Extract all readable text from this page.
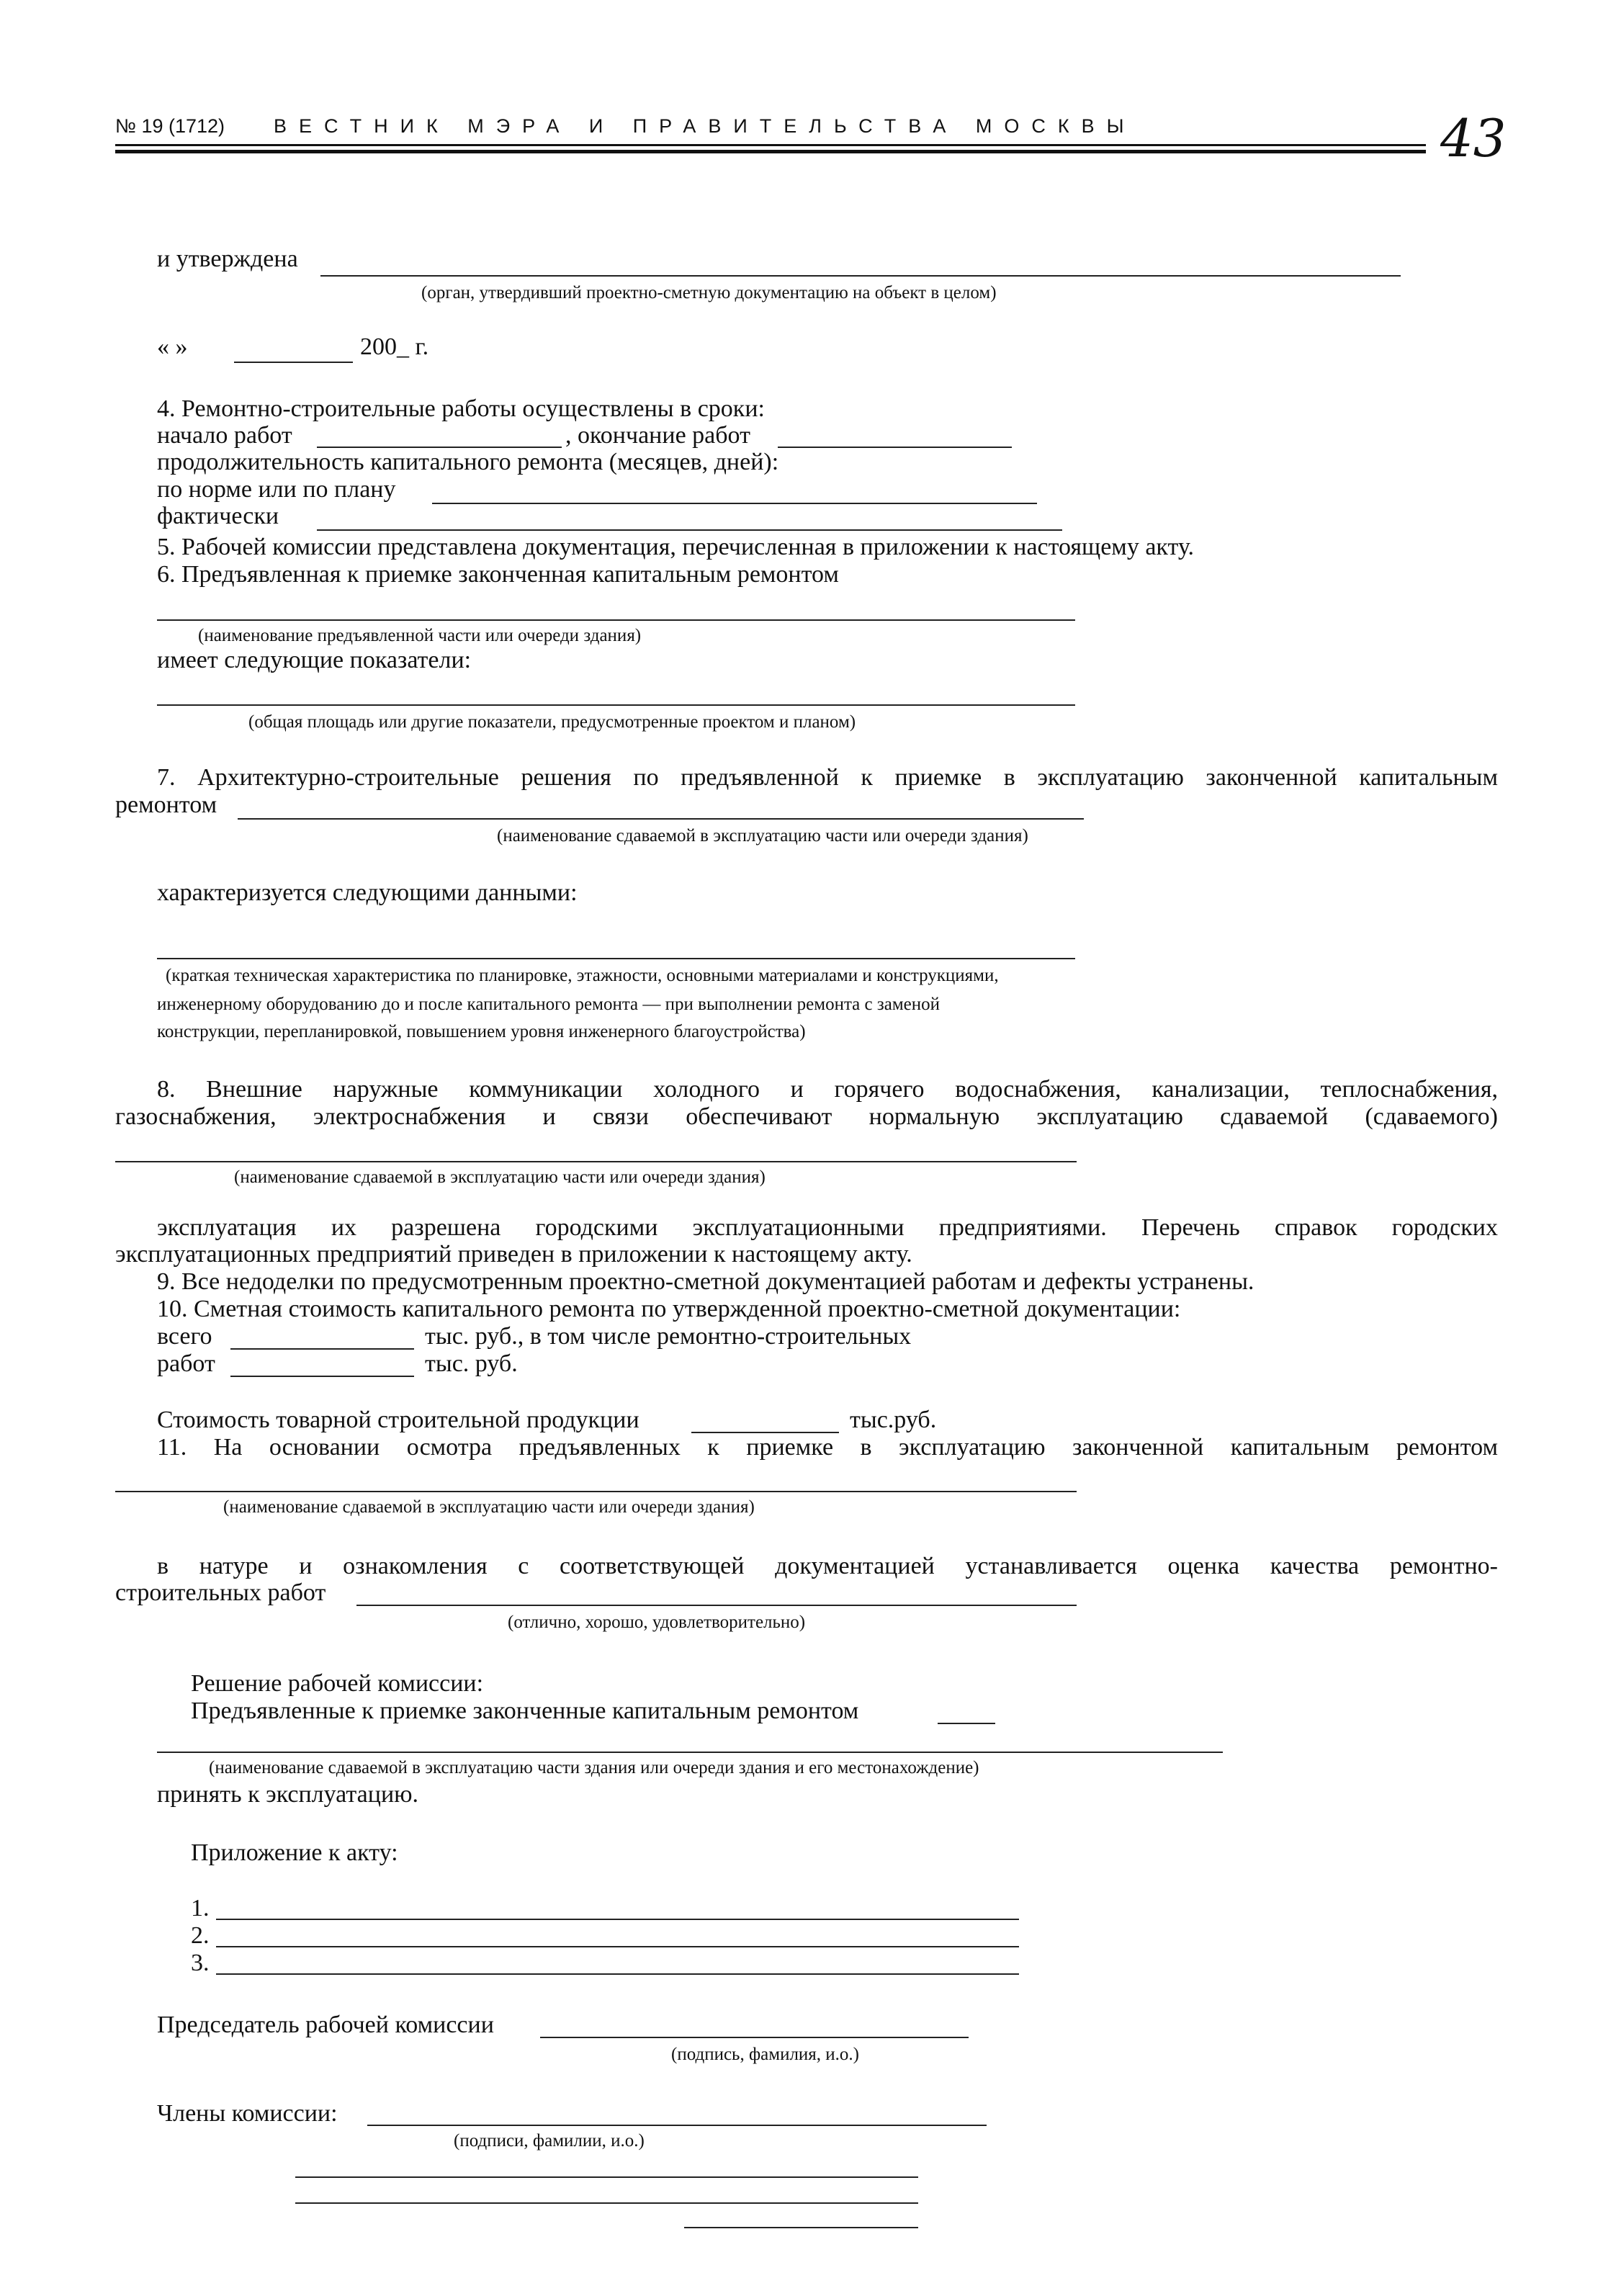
№ 19 (1712)	ВЕСТНИК МЭРА И ПРАВИТЕЛЬСТВА МОСКВЫ	43
и утверждена
(орган, утвердивший проектно-сметную документацию на объект в целом)
« »	200_ г.
4. Ремонтно-строительные работы осуществлены в сроки:
начало работ	, окончание работ
продолжительность капитального ремонта (месяцев, дней):
по норме или по плану
фактически
5. Рабочей комиссии представлена документация, перечисленная в приложении к настоящему акту.
6. Предъявленная к приемке законченная капитальным ремонтом
(наименование предъявленной части или очереди здания)
имеет следующие показатели:
(общая площадь или другие показатели, предусмотренные проектом и планом)
7. Архитектурно-строительные решения по предъявленной к приемке в эксплуатацию законченной капитальным
ремонтом
(наименование сдаваемой в эксплуатацию части или очереди здания)
характеризуется следующими данными:
(краткая техническая характеристика по планировке, этажности, основными материалами и конструкциями,
инженерному оборудованию до и после капитального ремонта — при выполнении ремонта с заменой
конструкции, перепланировкой, повышением уровня инженерного благоустройства)
8. Внешние наружные коммуникации холодного и горячего водоснабжения, канализации, теплоснабжения,
газоснабжения, электроснабжения и связи обеспечивают нормальную эксплуатацию сдаваемой (сдаваемого)
(наименование сдаваемой в эксплуатацию части или очереди здания)
эксплуатация их разрешена городскими эксплуатационными предприятиями. Перечень справок городских
эксплуатационных предприятий приведен в приложении к настоящему акту.
9. Все недоделки по предусмотренным проектно-сметной документацией работам и дефекты устранены.
10. Сметная стоимость капитального ремонта по утвержденной проектно-сметной документации:
всего	тыс. руб., в том числе ремонтно-строительных
работ	тыс. руб.
Стоимость товарной строительной продукции	тыс.руб.
11. На основании осмотра предъявленных к приемке в эксплуатацию законченной капитальным ремонтом
(наименование сдаваемой в эксплуатацию части или очереди здания)
в натуре и ознакомления с соответствующей документацией устанавливается оценка качества ремонтно-
строительных работ
(отлично, хорошо, удовлетворительно)
Решение рабочей комиссии:
Предъявленные к приемке законченные капитальным ремонтом
(наименование сдаваемой в эксплуатацию части здания или очереди здания и его местонахождение)
принять к эксплуатацию.
Приложение к акту:
1.
2.
3.
Председатель рабочей комиссии
(подпись, фамилия, и.о.)
Члены комиссии:
(подписи, фамилии, и.о.)
